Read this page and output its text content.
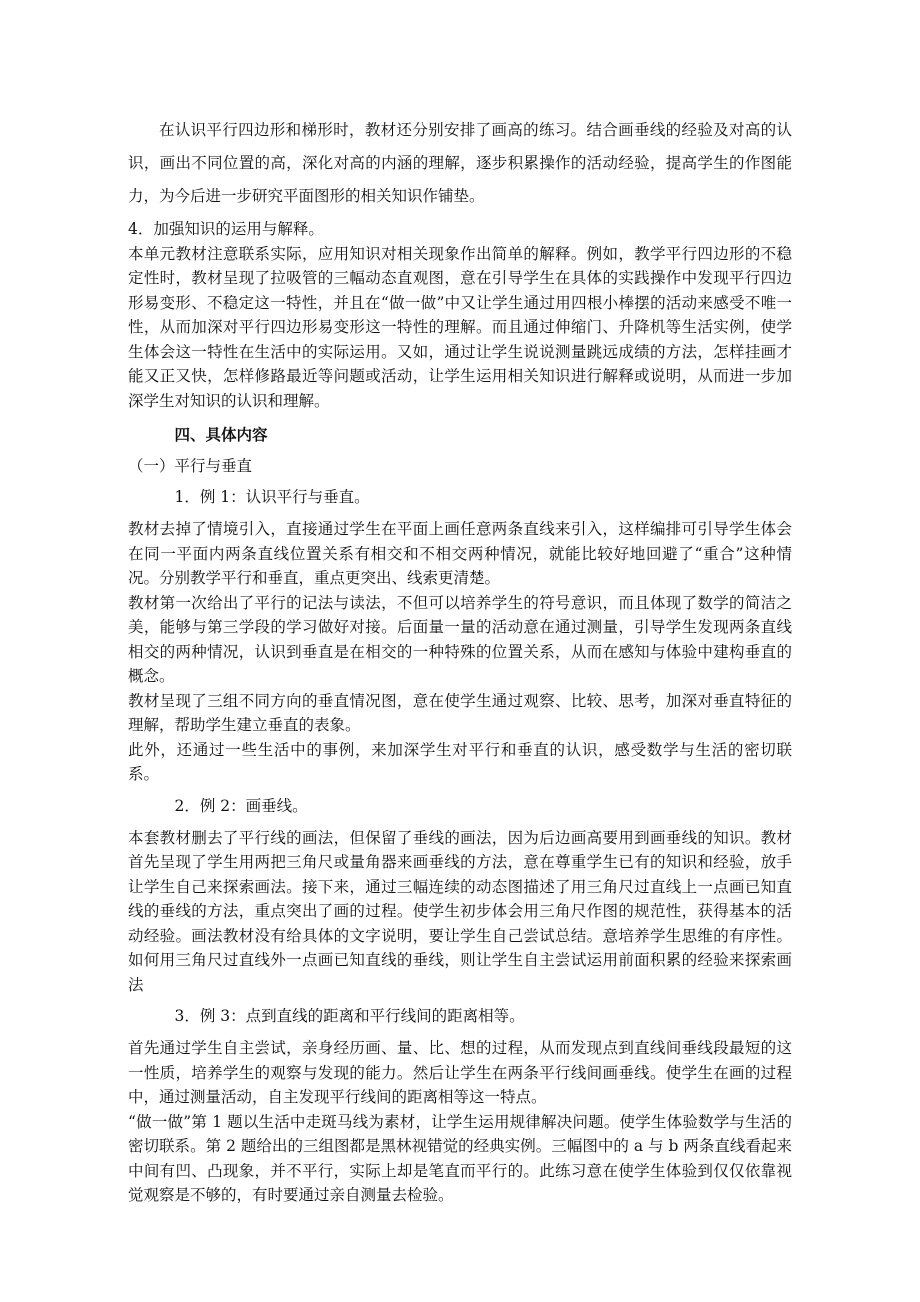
在认识平行四边形和梯形时，教材还分别安排了画高的练习。结合画垂线的经验及对高的认识，画出不同位置的高，深化对高的内涵的理解，逐步积累操作的活动经验，提高学生的作图能力，为今后进一步研究平面图形的相关知识作铺垫。

4．加强知识的运用与解释。

本单元教材注意联系实际，应用知识对相关现象作出简单的解释。例如，教学平行四边形的不稳定性时，教材呈现了拉吸管的三幅动态直观图，意在引导学生在具体的实践操作中发现平行四边形易变形、不稳定这一特性，并且在“做一做”中又让学生通过用四根小棒摆的活动来感受不唯一性，从而加深对平行四边形易变形这一特性的理解。而且通过伸缩门、升降机等生活实例，使学生体会这一特性在生活中的实际运用。又如，通过让学生说说测量跳远成绩的方法，怎样挂画才能又正又快，怎样修路最近等问题或活动，让学生运用相关知识进行解释或说明，从而进一步加深学生对知识的认识和理解。

四、具体内容

（一）平行与垂直

1．例 1：认识平行与垂直。

教材去掉了情境引入，直接通过学生在平面上画任意两条直线来引入，这样编排可引导学生体会在同一平面内两条直线位置关系有相交和不相交两种情况，就能比较好地回避了“重合”这种情况。分别教学平行和垂直，重点更突出、线索更清楚。

教材第一次给出了平行的记法与读法，不但可以培养学生的符号意识，而且体现了数学的简洁之美，能够与第三学段的学习做好对接。后面量一量的活动意在通过测量，引导学生发现两条直线相交的两种情况，认识到垂直是在相交的一种特殊的位置关系，从而在感知与体验中建构垂直的概念。

教材呈现了三组不同方向的垂直情况图，意在使学生通过观察、比较、思考，加深对垂直特征的理解，帮助学生建立垂直的表象。

此外，还通过一些生活中的事例，来加深学生对平行和垂直的认识，感受数学与生活的密切联系。

2．例 2：画垂线。

本套教材删去了平行线的画法，但保留了垂线的画法，因为后边画高要用到画垂线的知识。教材首先呈现了学生用两把三角尺或量角器来画垂线的方法，意在尊重学生已有的知识和经验，放手让学生自己来探索画法。接下来，通过三幅连续的动态图描述了用三角尺过直线上一点画已知直线的垂线的方法，重点突出了画的过程。使学生初步体会用三角尺作图的规范性，获得基本的活动经验。画法教材没有给具体的文字说明，要让学生自己尝试总结。意培养学生思维的有序性。如何用三角尺过直线外一点画已知直线的垂线，则让学生自主尝试运用前面积累的经验来探索画法

3．例 3：点到直线的距离和平行线间的距离相等。

首先通过学生自主尝试，亲身经历画、量、比、想的过程，从而发现点到直线间垂线段最短的这一性质，培养学生的观察与发现的能力。然后让学生在两条平行线间画垂线。使学生在画的过程中，通过测量活动，自主发现平行线间的距离相等这一特点。

“做一做”第 1 题以生活中走斑马线为素材，让学生运用规律解决问题。使学生体验数学与生活的密切联系。第 2 题给出的三组图都是黑林视错觉的经典实例。三幅图中的 a 与 b 两条直线看起来中间有凹、凸现象，并不平行，实际上却是笔直而平行的。此练习意在使学生体验到仅仅依靠视觉观察是不够的，有时要通过亲自测量去检验。
